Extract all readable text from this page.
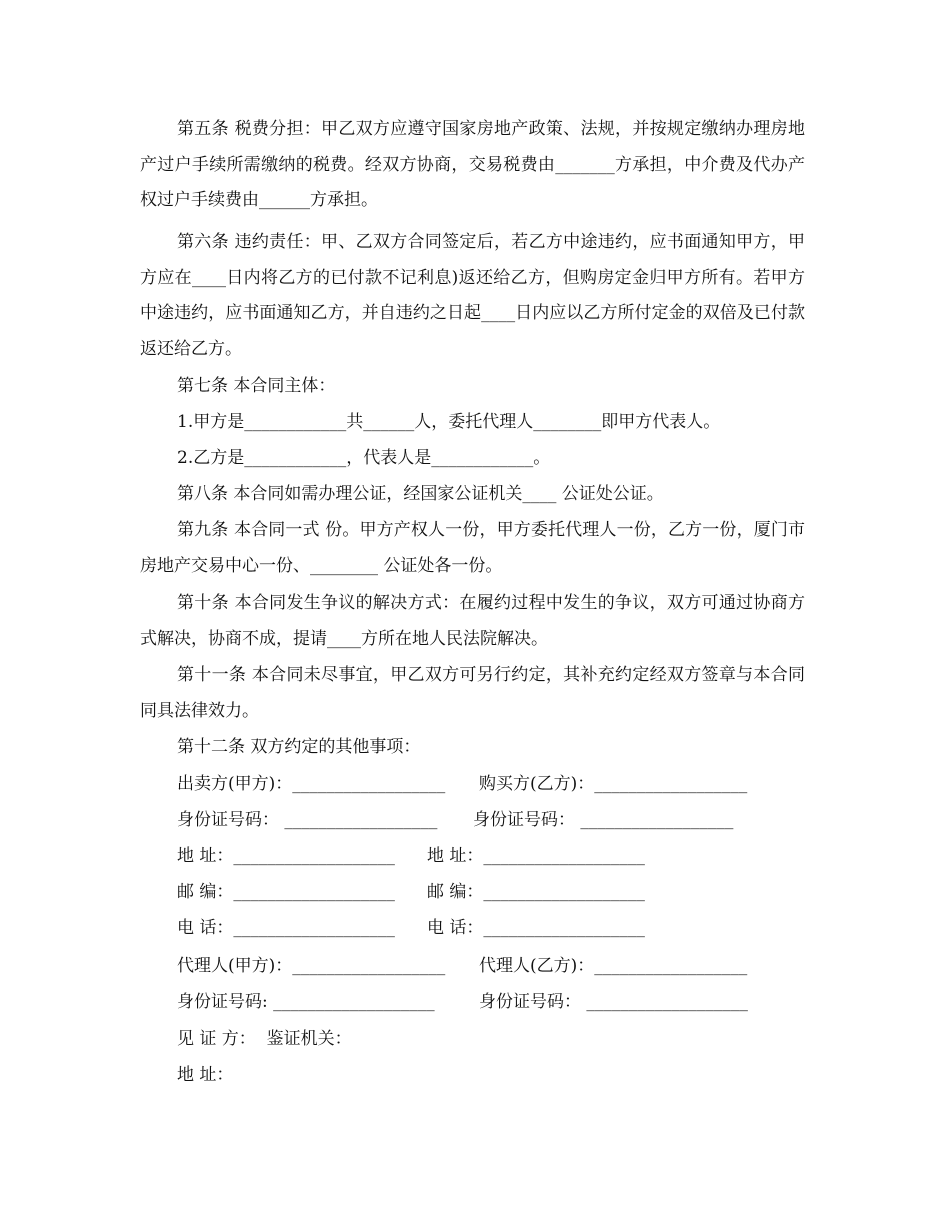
第五条 税费分担：甲乙双方应遵守国家房地产政策、法规，并按规定缴纳办理房地产过户手续所需缴纳的税费。经双方协商，交易税费由_______方承担，中介费及代办产权过户手续费由______方承担。

第六条 违约责任：甲、乙双方合同签定后，若乙方中途违约，应书面通知甲方，甲方应在____日内将乙方的已付款不记利息)返还给乙方，但购房定金归甲方所有。若甲方中途违约，应书面通知乙方，并自违约之日起____日内应以乙方所付定金的双倍及已付款返还给乙方。

第七条 本合同主体：

1.甲方是____________共______人，委托代理人________即甲方代表人。

2.乙方是____________，代表人是____________。

第八条 本合同如需办理公证，经国家公证机关____ 公证处公证。

第九条 本合同一式 份。甲方产权人一份，甲方委托代理人一份，乙方一份，厦门市房地产交易中心一份、________ 公证处各一份。

第十条 本合同发生争议的解决方式：在履约过程中发生的争议，双方可通过协商方式解决，协商不成，提请____方所在地人民法院解决。

第十一条 本合同未尽事宜，甲乙双方可另行约定，其补充约定经双方签章与本合同同具法律效力。

第十二条 双方约定的其他事项：

出卖方(甲方)：__________________

购买方(乙方)：__________________

身份证号码： __________________

身份证号码： __________________

地 址：___________________

地 址：___________________

邮 编：___________________

邮 编：___________________

电 话：___________________

电 话：___________________

代理人(甲方)：__________________

代理人(乙方)：__________________

身份证号码: ___________________

	身份证号码： ___________________

见 证 方：  鉴证机关：

地 址：
